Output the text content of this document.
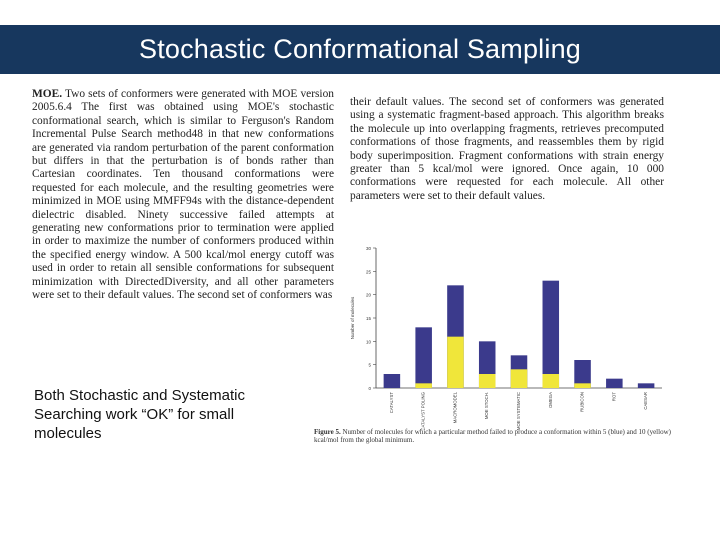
Stochastic Conformational Sampling
MOE. Two sets of conformers were generated with MOE version 2005.6.4 The first was obtained using MOE's stochastic conformational search, which is similar to Ferguson's Random Incremental Pulse Search method48 in that new conformations are generated via random perturbation of the parent conformation but differs in that the perturbation is of bonds rather than Cartesian coordinates. Ten thousand conformations were requested for each molecule, and the resulting geometries were minimized in MOE using MMFF94s with the distance-dependent dielectric disabled. Ninety successive failed attempts at generating new conformations prior to termination were applied in order to maximize the number of conformers produced within the specified energy window. A 500 kcal/mol energy cutoff was used in order to retain all sensible conformations for subsequent minimization with DirectedDiversity, and all other parameters were set to their default values. The second set of conformers was
their default values. The second set of conformers was generated using a systematic fragment-based approach. This algorithm breaks the molecule up into overlapping fragments, retrieves precomputed conformations of those fragments, and reassembles them by rigid body superimposition. Fragment conformations with strain energy greater than 5 kcal/mol were ignored. Once again, 10 000 conformations were requested for each molecule. All other parameters were set to their default values.
Both Stochastic and Systematic Searching work “OK” for small molecules
0
5
10
15
20
25
30
Number of molecules
CATALYST	CATALYST POLING	MACROMODEL	MOE STOCH.	MOE SYSTEMATIC	OMEGA	RUBICON	ROT	CAESAR
Figure 5. Number of molecules for which a particular method failed to produce a conformation within 5 (blue) and 10 (yellow) kcal/mol from the global minimum.
